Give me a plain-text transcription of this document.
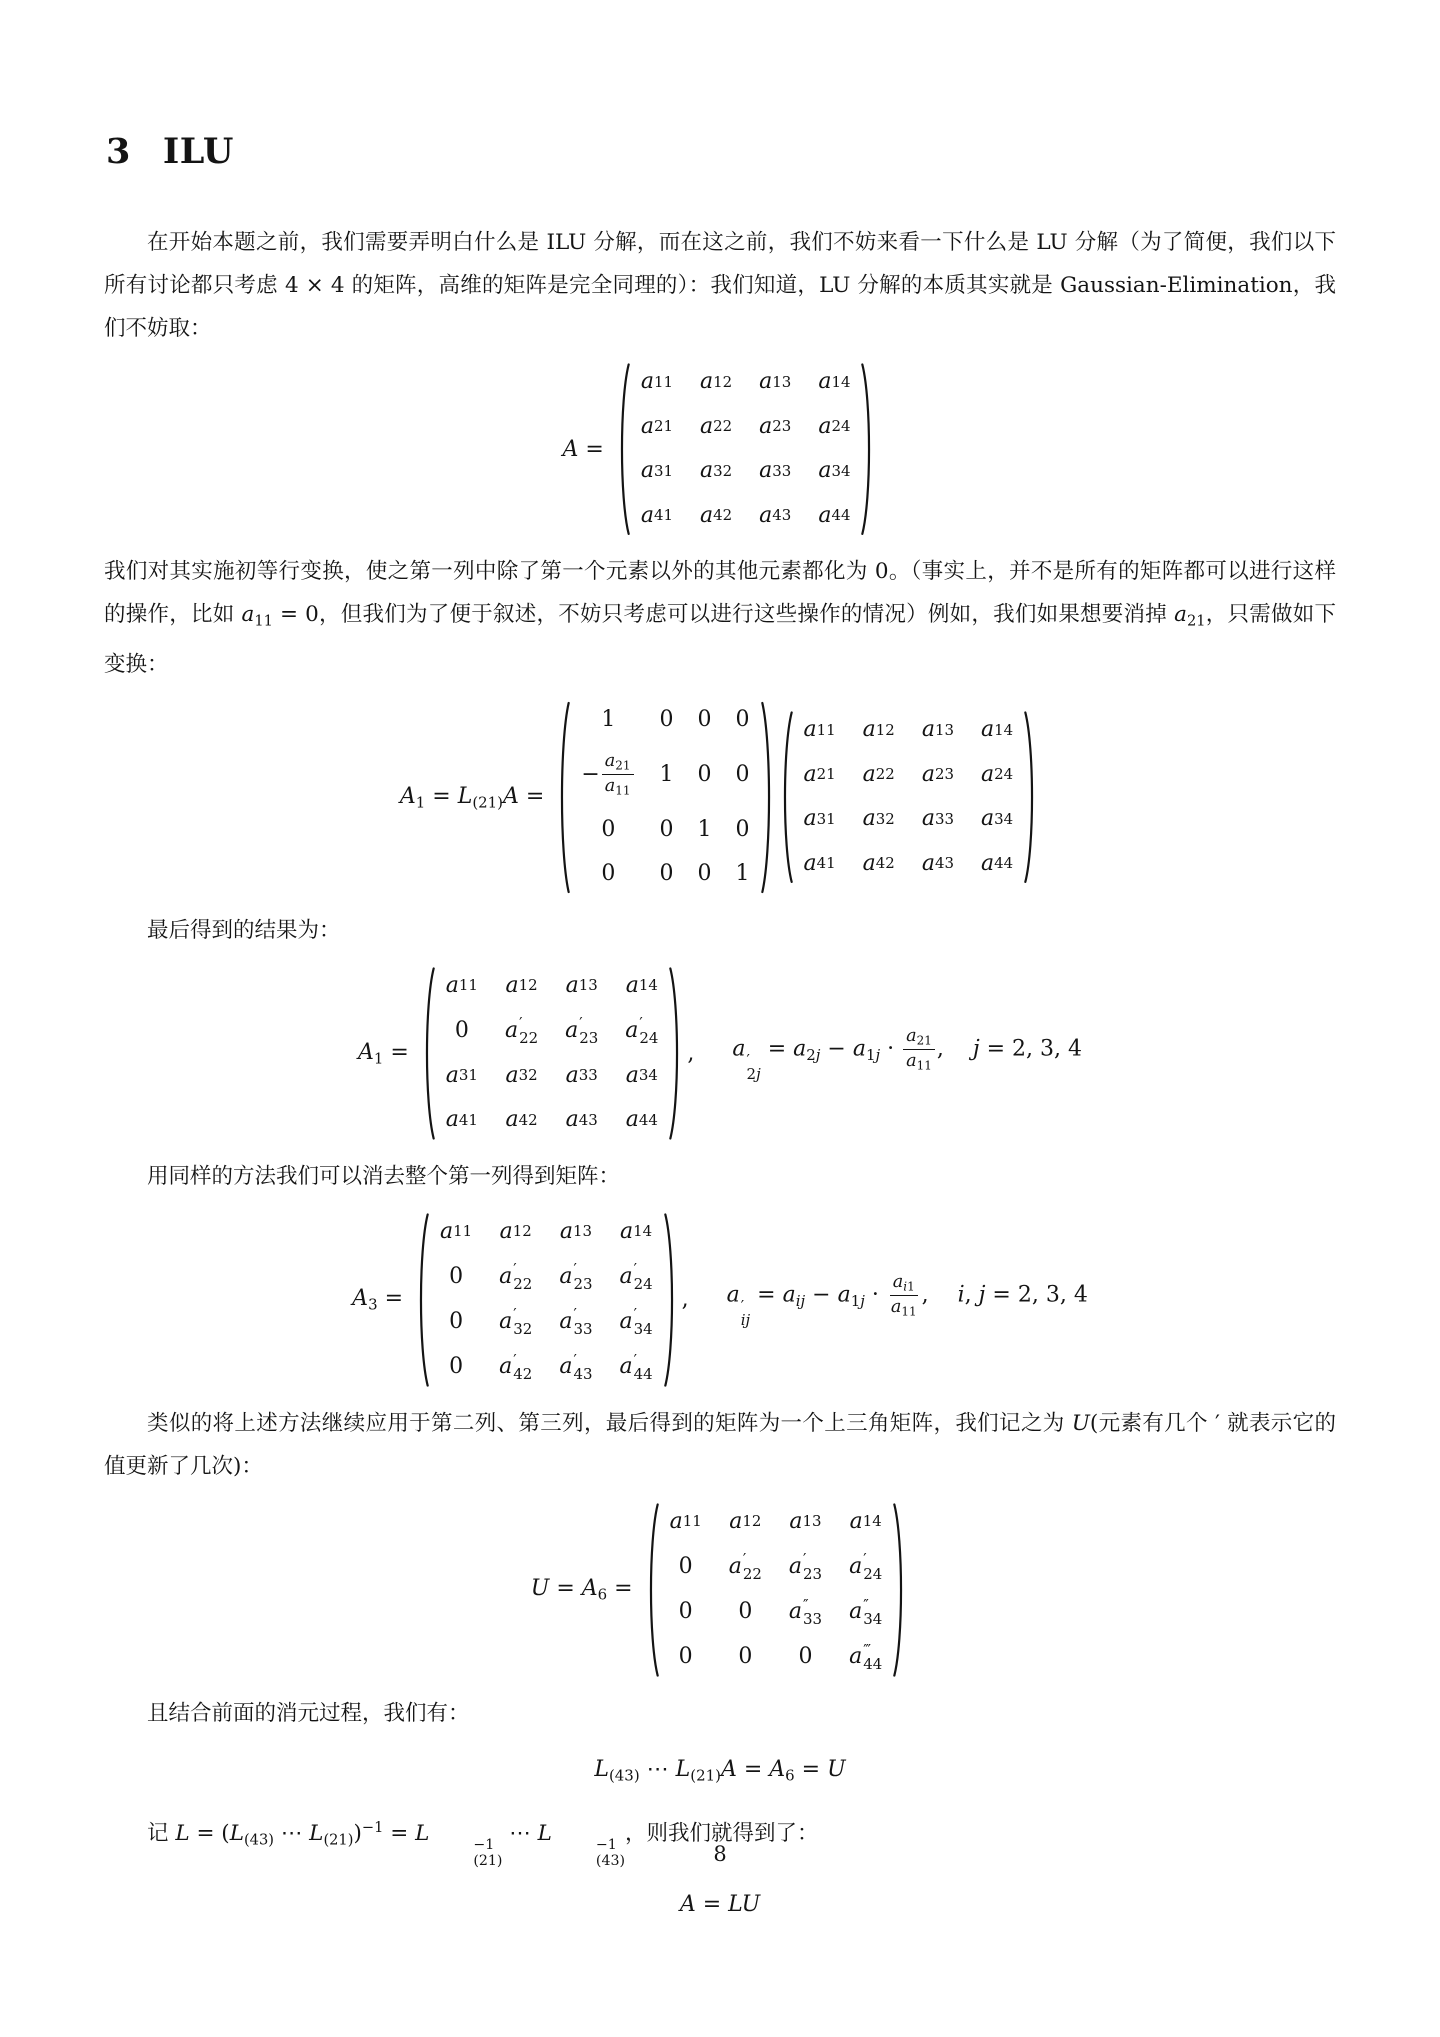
3 ILU

在开始本题之前，我们需要弄明白什么是 ILU 分解，而在这之前，我们不妨来看一下什么是 LU 分解（为了简便，我们以下所有讨论都只考虑 4 × 4 的矩阵，高维的矩阵是完全同理的）：我们知道，LU 分解的本质其实就是 Gaussian-Elimination，我们不妨取：

A =
a 11 a 12 a 13 a 14
a 21 a 22 a 23 a 24
a 31 a 32 a 33 a 34
a 41 a 42 a 43 a 44

我们对其实施初等行变换，使之第一列中除了第一个元素以外的其他元素都化为 0。（事实上，并不是所有的矩阵都可以进行这样的操作，比如 $a_{11} = 0$，但我们为了便于叙述，不妨只考虑可以进行这些操作的情况）例如，我们如果想要消掉 $a_{21}$，只需做如下变换：

$A_1 = L_{(21)}A$ =
1 0 0 0
− $\frac{a_{21}}{a_{11}} 1$ 0 0
0 0 1 0
0 0 0 1
a 11 a 12 a 13 a 14
a 21 a 22 a 23 a 24
a 31 a 32 a 33 a 34
a 41 a 42 a 43 a 44

最后得到的结果为：

$A_1$ =
a 11 a 12 a 13 a 14
0 a ′
22 a ′
23 a ′
24
a 31 a 32 a 33 a 34
a 41 a 42 a 43 a 44
, a ′
2j
= $a_{2j} - a_{1j} \cdot \frac{a_{21}}{a_{11}}$ ,  j = 2, 3, 4

用同样的方法我们可以消去整个第一列得到矩阵：

$A_3$ =
a 11 a 12 a 13 a 14
0 a ′
22 a ′
23 a ′
24
0 a ′
32 a ′
33 a ′
34
0 a ′
42 a ′
43 a ′
44
, a ′
ij
= $a_{ij} - a_{1j} \cdot \frac{a_{i1}}{a_{11}}$ ,  i, j = 2, 3, 4

类似的将上述方法继续应用于第二列、第三列，最后得到的矩阵为一个上三角矩阵，我们记之为 U(元素有几个 ′ 就表示它的值更新了几次)：

$U = A_6$ =
a 11 a 12 a 13 a 14
0 a ′
22 a ′
23 a ′
24
0 0 a ″
33 a ″
34
0 0 0 a ‴
44

且结合前面的消元过程，我们有：

$L_{(43)}$ ⋯ $L_{(21)}A = A_6 = U$

记 $L = (L_{(43)}$ ⋯ $L_{(21)})^{-1} = L$	−1
(21)
⋯ L	−1
(43)
，则我们就得到了：

A = LU
8
